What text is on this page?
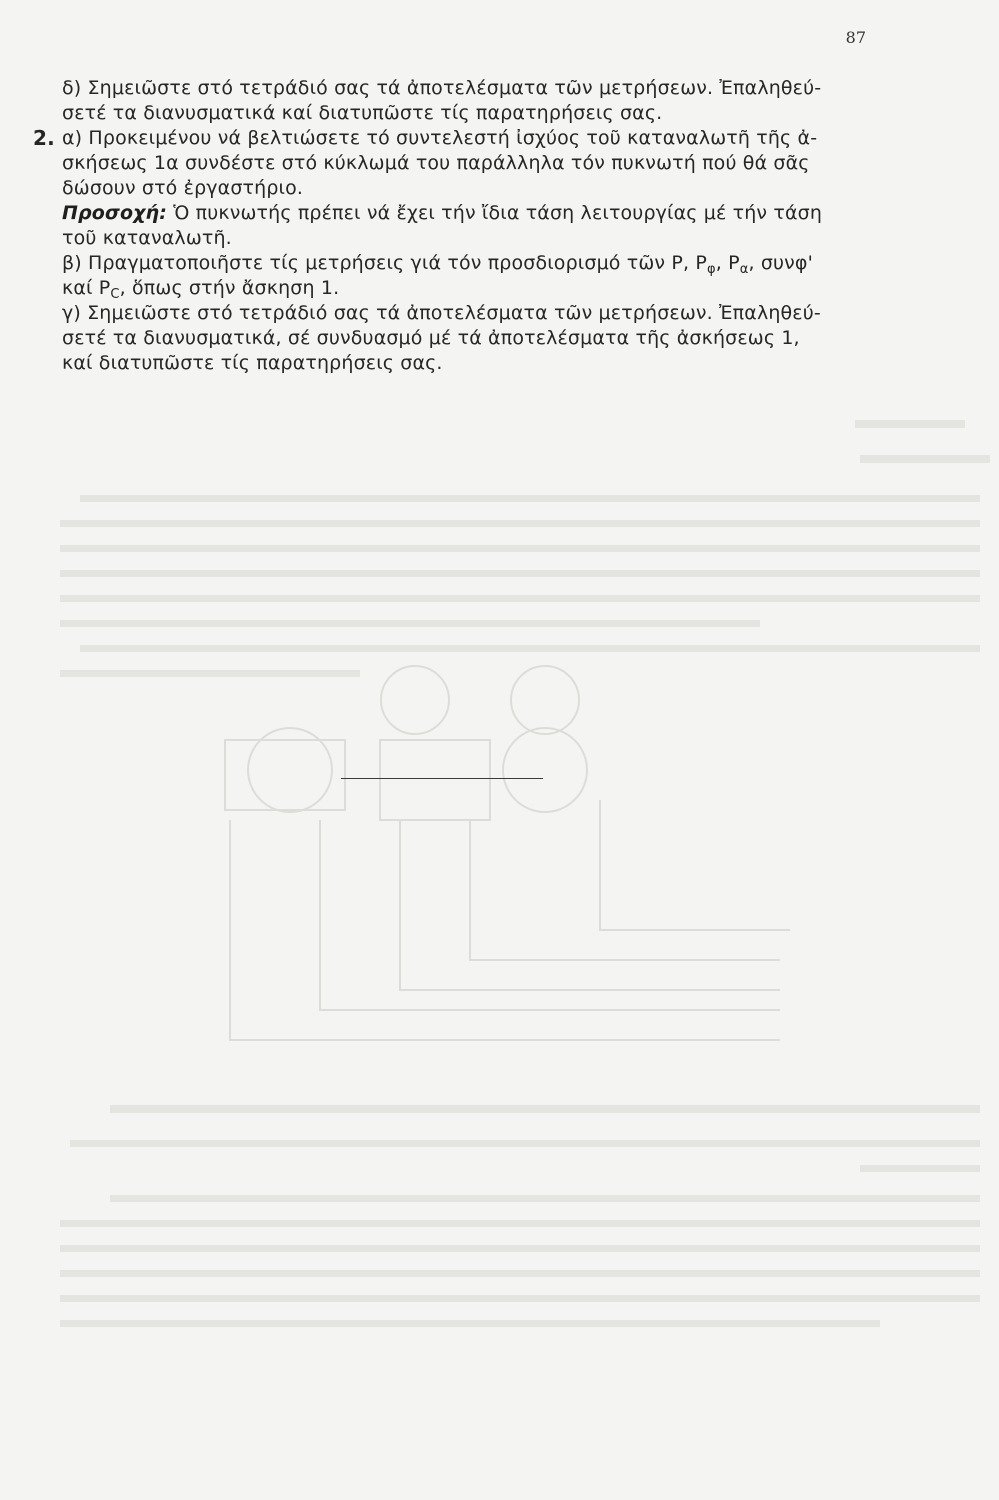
87
δ) Σημειῶστε στό τετράδιό σας τά ἀποτελέσματα τῶν μετρήσεων. Ἐπαληθεύ-
σετέ τα διανυσματικά καί διατυπῶστε τίς παρατηρήσεις σας.
2. α) Προκειμένου νά βελτιώσετε τό συντελεστή ἰσχύος τοῦ καταναλωτῆ τῆς ἀ-
σκήσεως 1α συνδέστε στό κύκλωμά του παράλληλα τόν πυκνωτή πού θά σᾶς
δώσουν στό ἐργαστήριο.
Προσοχή: Ὁ πυκνωτής πρέπει νά ἔχει τήν ἴδια τάση λειτουργίας μέ τήν τάση
τοῦ καταναλωτῆ.
β) Πραγματοποιῆστε τίς μετρήσεις γιά τόν προσδιορισμό τῶν P, $P_\varphi$, $P_\alpha$, συνφ'
καί $P_C$, ὅπως στήν ἄσκηση 1.
γ) Σημειῶστε στό τετράδιό σας τά ἀποτελέσματα τῶν μετρήσεων. Ἐπαληθεύ-
σετέ τα διανυσματικά, σέ συνδυασμό μέ τά ἀποτελέσματα τῆς ἀσκήσεως 1,
καί διατυπῶστε τίς παρατηρήσεις σας.
